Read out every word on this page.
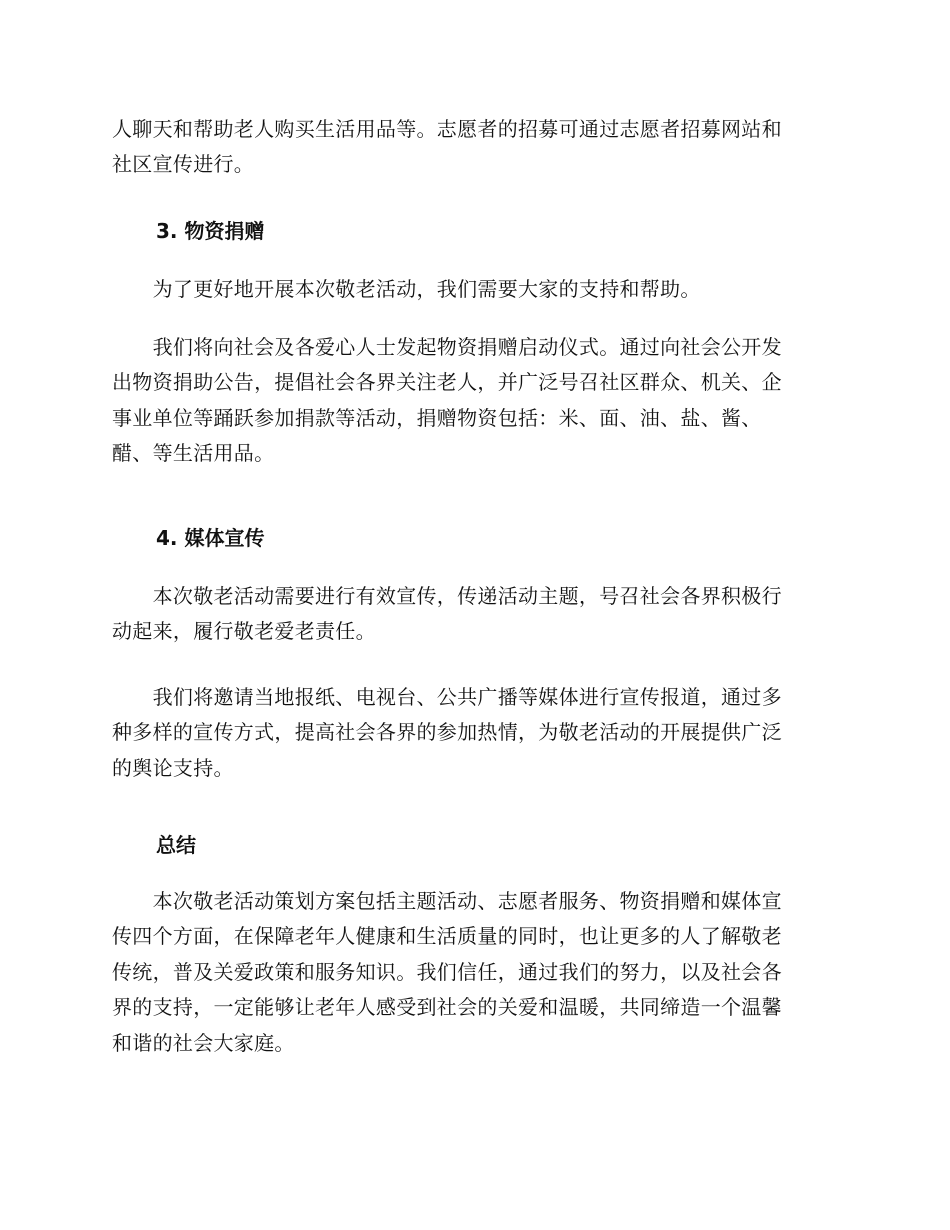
人聊天和帮助老人购买生活用品等。志愿者的招募可通过志愿者招募网站和
社区宣传进行。
3. 物资捐赠
　　为了更好地开展本次敬老活动，我们需要大家的支持和帮助。
　　我们将向社会及各爱心人士发起物资捐赠启动仪式。通过向社会公开发
出物资捐助公告，提倡社会各界关注老人，并广泛号召社区群众、机关、企
事业单位等踊跃参加捐款等活动，捐赠物资包括：米、面、油、盐、酱、
醋、等生活用品。
4. 媒体宣传
　　本次敬老活动需要进行有效宣传，传递活动主题，号召社会各界积极行
动起来，履行敬老爱老责任。
　　我们将邀请当地报纸、电视台、公共广播等媒体进行宣传报道，通过多
种多样的宣传方式，提高社会各界的参加热情，为敬老活动的开展提供广泛
的舆论支持。
总结
　　本次敬老活动策划方案包括主题活动、志愿者服务、物资捐赠和媒体宣
传四个方面，在保障老年人健康和生活质量的同时，也让更多的人了解敬老
传统，普及关爱政策和服务知识。我们信任，通过我们的努力，以及社会各
界的支持，一定能够让老年人感受到社会的关爱和温暖，共同缔造一个温馨
和谐的社会大家庭。
